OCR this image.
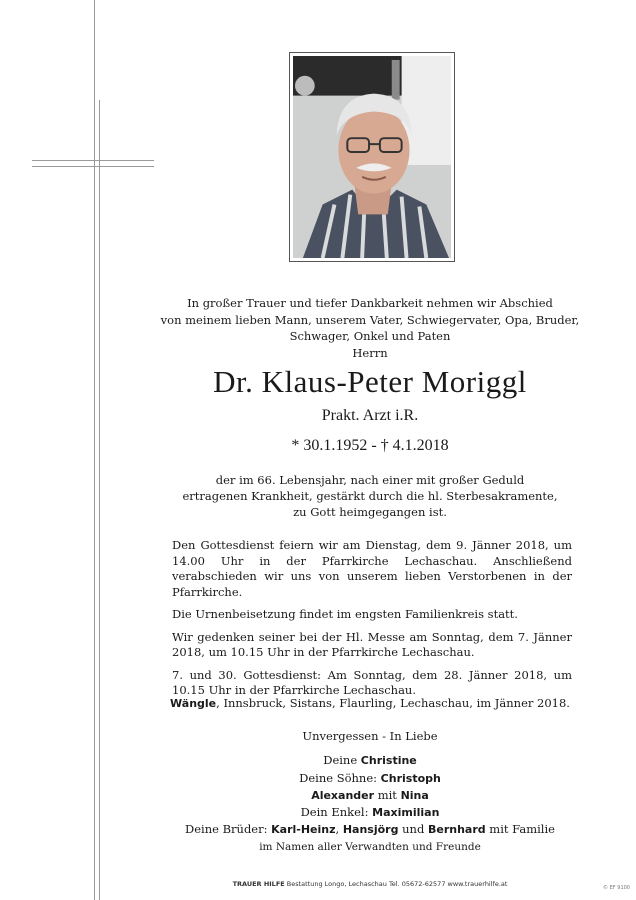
In großer Trauer und tiefer Dankbarkeit nehmen wir Abschied
von meinem lieben Mann, unserem Vater, Schwiegervater, Opa, Bruder,
Schwager, Onkel und Paten
Herrn
Dr. Klaus-Peter Moriggl
Prakt. Arzt i.R.
* 30.1.1952 - † 4.1.2018
der im 66. Lebensjahr, nach einer mit großer Geduld
ertragenen Krankheit, gestärkt durch die hl. Sterbesakramente,
zu Gott heimgegangen ist.

Den Gottesdienst feiern wir am Dienstag, dem 9. Jänner 2018, um 14.00 Uhr in der Pfarrkirche Lechaschau. Anschließend verabschieden wir uns von unserem lieben Verstorbenen in der Pfarrkirche.

Die Urnenbeisetzung findet im engsten Familienkreis statt.

Wir gedenken seiner bei der Hl. Messe am Sonntag, dem 7. Jänner 2018, um 10.15 Uhr in der Pfarrkirche Lechaschau.

7. und 30. Gottesdienst: Am Sonntag, dem 28. Jänner 2018, um 10.15 Uhr in der Pfarrkirche Lechaschau.

Wängle, Innsbruck, Sistans, Flaurling, Lechaschau, im Jänner 2018.
Unvergessen - In Liebe
Deine Christine
Deine Söhne: Christoph
Alexander mit Nina
Dein Enkel: Maximilian
Deine Brüder: Karl-Heinz, Hansjörg und Bernhard mit Familie
im Namen aller Verwandten und Freunde
TRAUER HILFE Bestattung Longo, Lechaschau Tel. 05672-62577 www.trauerhilfe.at	© EF 9100
